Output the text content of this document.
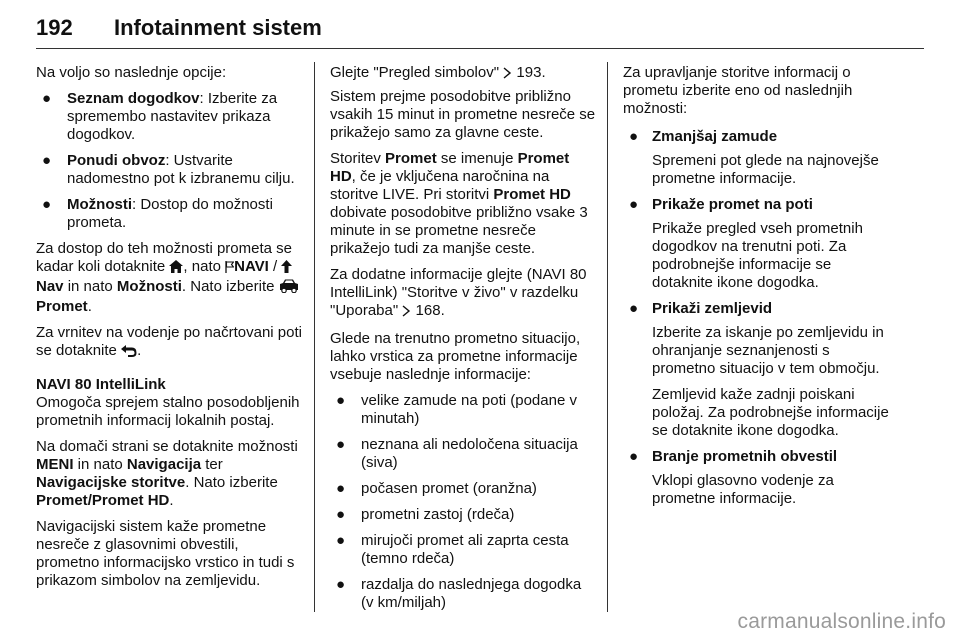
192 Infotainment sistem

Na voljo so naslednje opcije:

● Seznam dogodkov: Izberite za spremembo nastavitev prikaza dogodkov.
● Ponudi obvoz: Ustvarite nadomestno pot k izbranemu cilju.
● Možnosti: Dostop do možnosti prometa.

Za dostop do teh možnosti prometa se kadar koli dotaknite , nato NAVI / Nav in nato Možnosti. Nato izberite Promet.

Za vrnitev na vodenje po načrtovani poti se dotaknite .

NAVI 80 IntelliLink

Omogoča sprejem stalno posodobljenih prometnih informacij lokalnih postaj.

Na domači strani se dotaknite možnosti MENI in nato Navigacija ter Navigacijske storitve. Nato izberite Promet/Promet HD.

Navigacijski sistem kaže prometne nesreče z glasovnimi obvestili, prometno informacijsko vrstico in tudi s prikazom simbolov na zemljevidu.

Glejte "Pregled simbolov"  193.

Sistem prejme posodobitve približno vsakih 15 minut in prometne nesreče se prikažejo samo za glavne ceste.

Storitev Promet se imenuje Promet HD, če je vključena naročnina na storitve LIVE. Pri storitvi Promet HD dobivate posodobitve približno vsake 3 minute in se prometne nesreče prikažejo tudi za manjše ceste.

Za dodatne informacije glejte (NAVI 80 IntelliLink) "Storitve v živo" v razdelku "Uporaba"  168.

Glede na trenutno prometno situacijo, lahko vrstica za prometne informacije vsebuje naslednje informacije:

● velike zamude na poti (podane v minutah)
● neznana ali nedoločena situacija (siva)
● počasen promet (oranžna)
● prometni zastoj (rdeča)
● mirujoči promet ali zaprta cesta (temno rdeča)
● razdalja do naslednjega dogodka (v km/miljah)

Za upravljanje storitve informacij o prometu izberite eno od naslednjih možnosti:

● Zmanjšaj zamude

Spremeni pot glede na najnovejše prometne informacije.

● Prikaže promet na poti

Prikaže pregled vseh prometnih dogodkov na trenutni poti. Za podrobnejše informacije se dotaknite ikone dogodka.

● Prikaži zemljevid

Izberite za iskanje po zemljevidu in ohranjanje seznanjenosti s prometno situacijo v tem območju.

Zemljevid kaže zadnji poiskani položaj. Za podrobnejše informacije se dotaknite ikone dogodka.

● Branje prometnih obvestil

Vklopi glasovno vodenje za prometne informacije.

carmanualsonline.info
